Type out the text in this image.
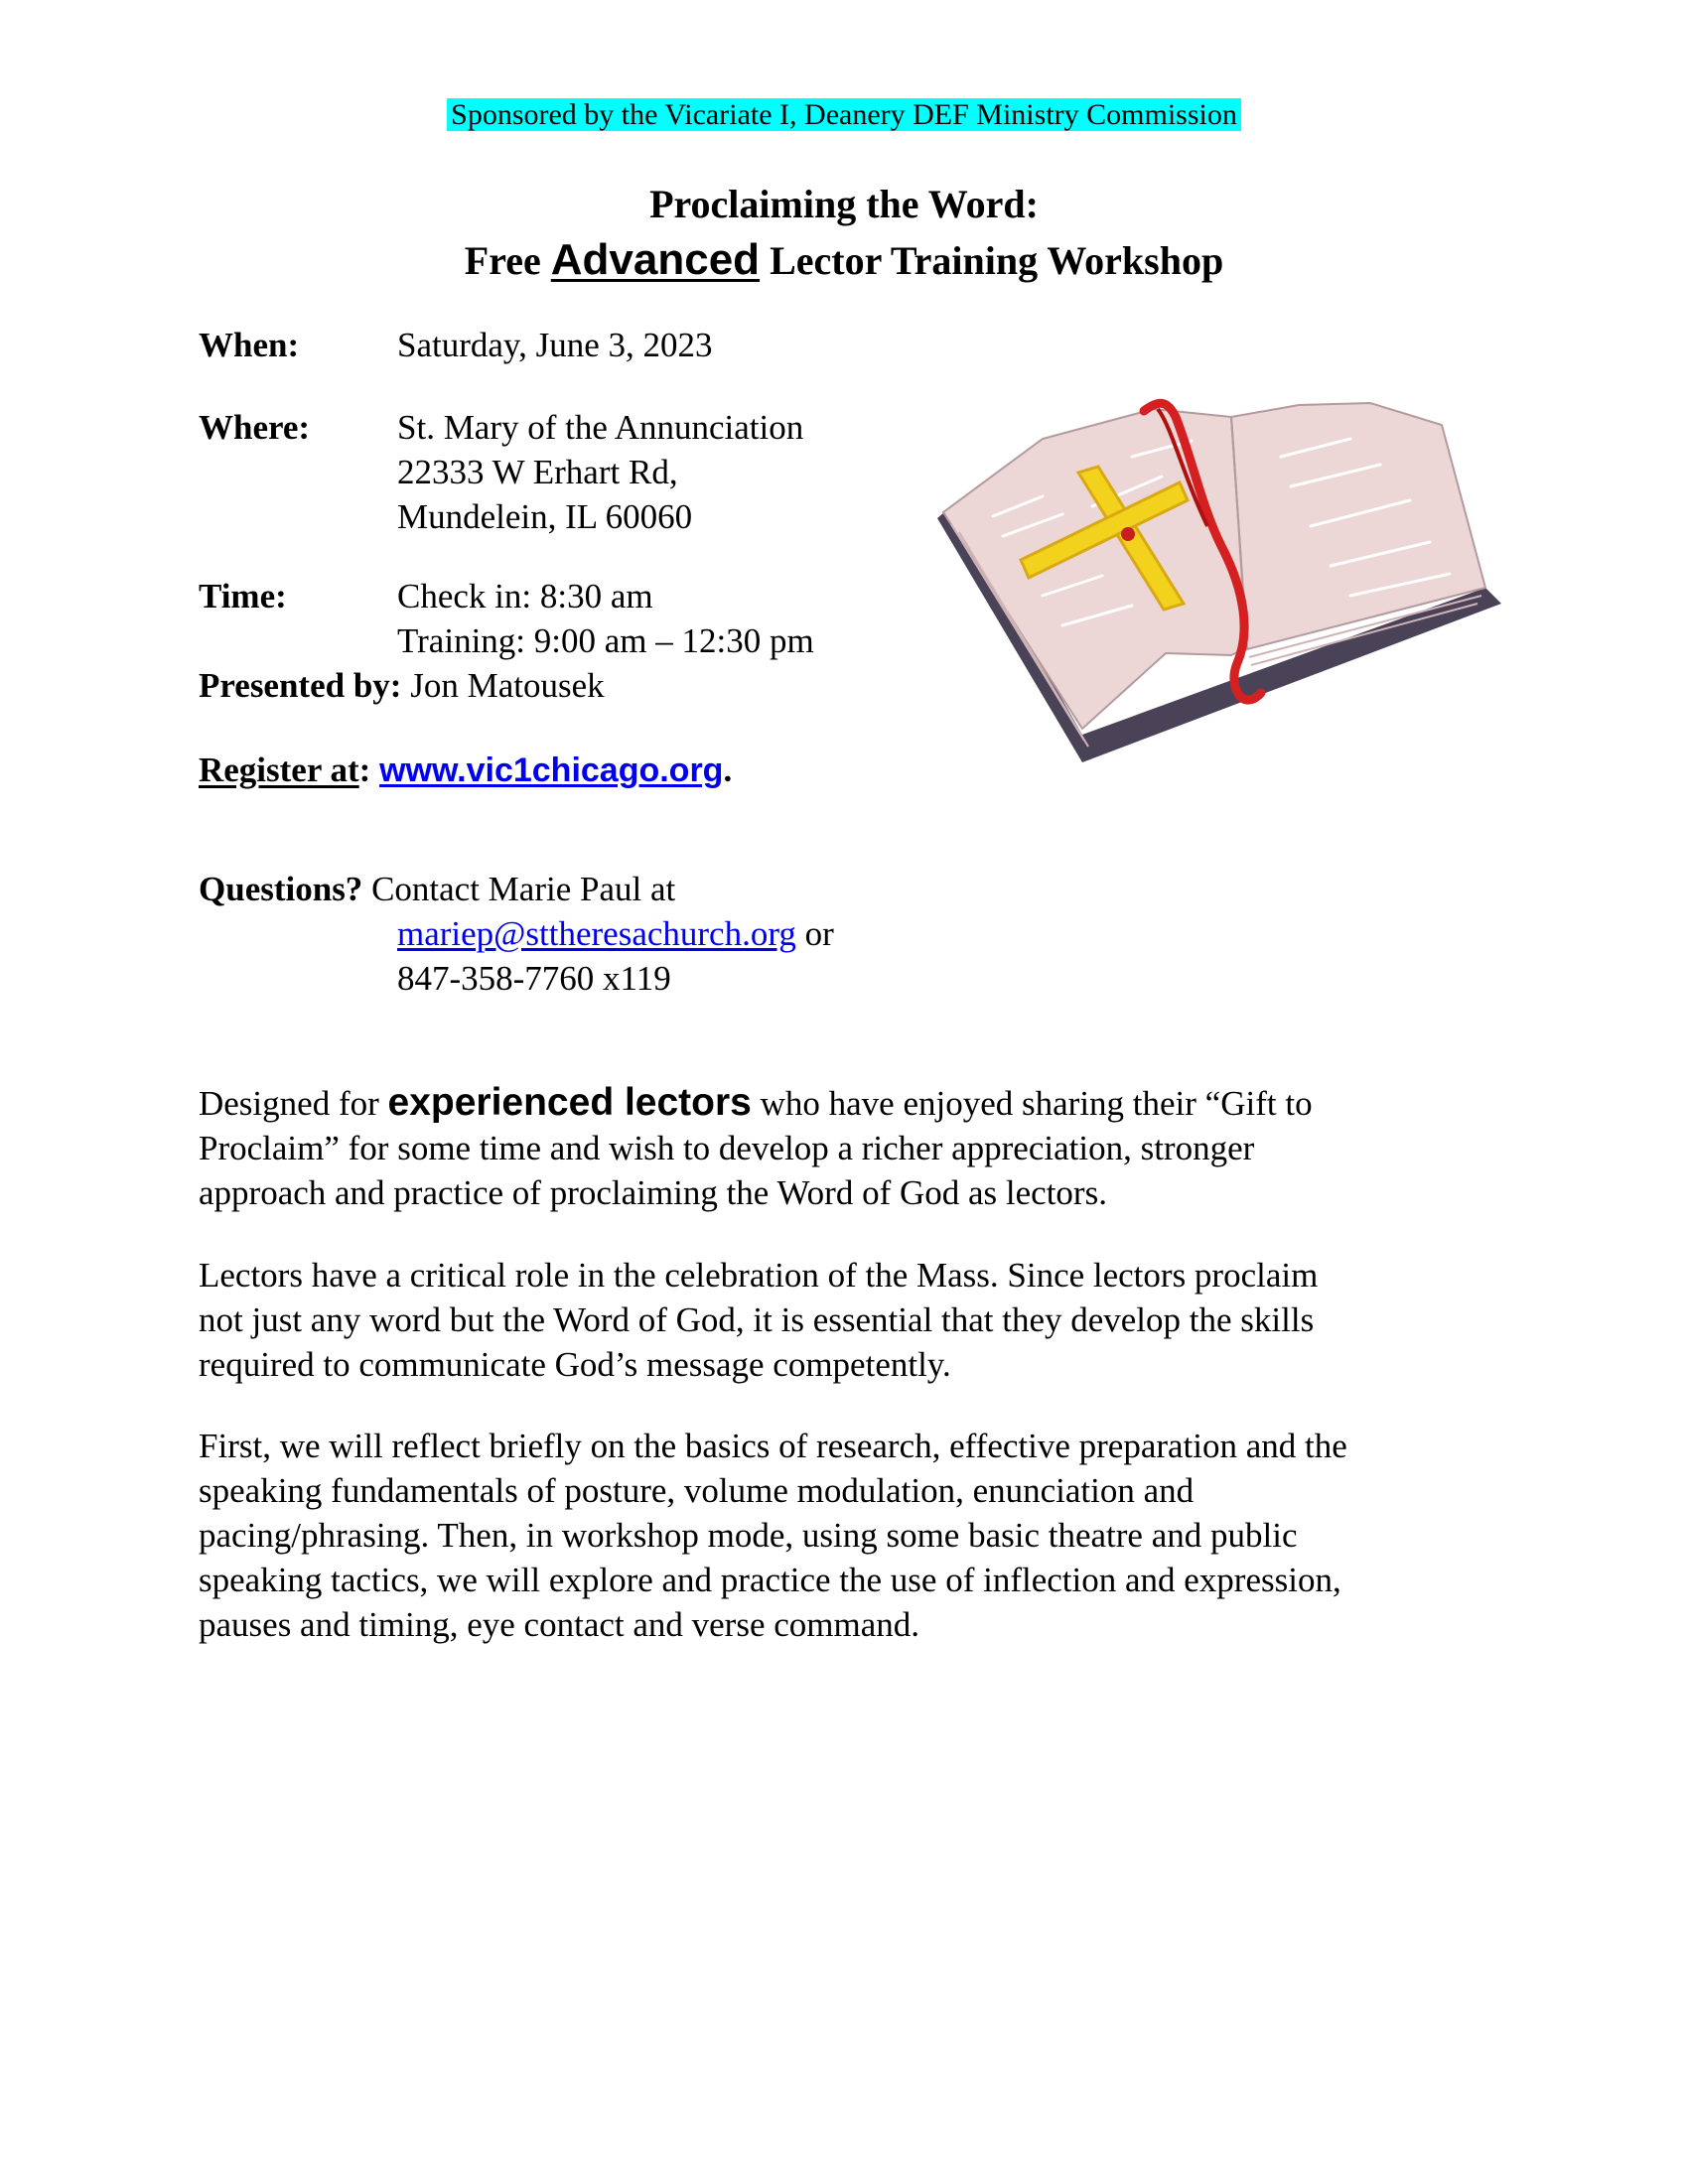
Sponsored by the Vicariate I, Deanery DEF Ministry Commission
Proclaiming the Word:
Free Advanced Lector Training Workshop
When:	Saturday, June 3, 2023
Where:	St. Mary of the Annunciation
22333 W Erhart Rd,
Mundelein, IL 60060
Time:	Check in: 8:30 am
Training: 9:00 am – 12:30 pm
Presented by: Jon Matousek
Register at: www.vic1chicago.org.
Questions? Contact Marie Paul at
mariep@sttheresachurch.org or
847-358-7760 x119
Designed for experienced lectors who have enjoyed sharing their “Gift to
Proclaim” for some time and wish to develop a richer appreciation, stronger
approach and practice of proclaiming the Word of God as lectors.
Lectors have a critical role in the celebration of the Mass. Since lectors proclaim
not just any word but the Word of God, it is essential that they develop the skills
required to communicate God’s message competently.
First, we will reflect briefly on the basics of research, effective preparation and the
speaking fundamentals of posture, volume modulation, enunciation and
pacing/phrasing. Then, in workshop mode, using some basic theatre and public
speaking tactics, we will explore and practice the use of inflection and expression,
pauses and timing, eye contact and verse command.
